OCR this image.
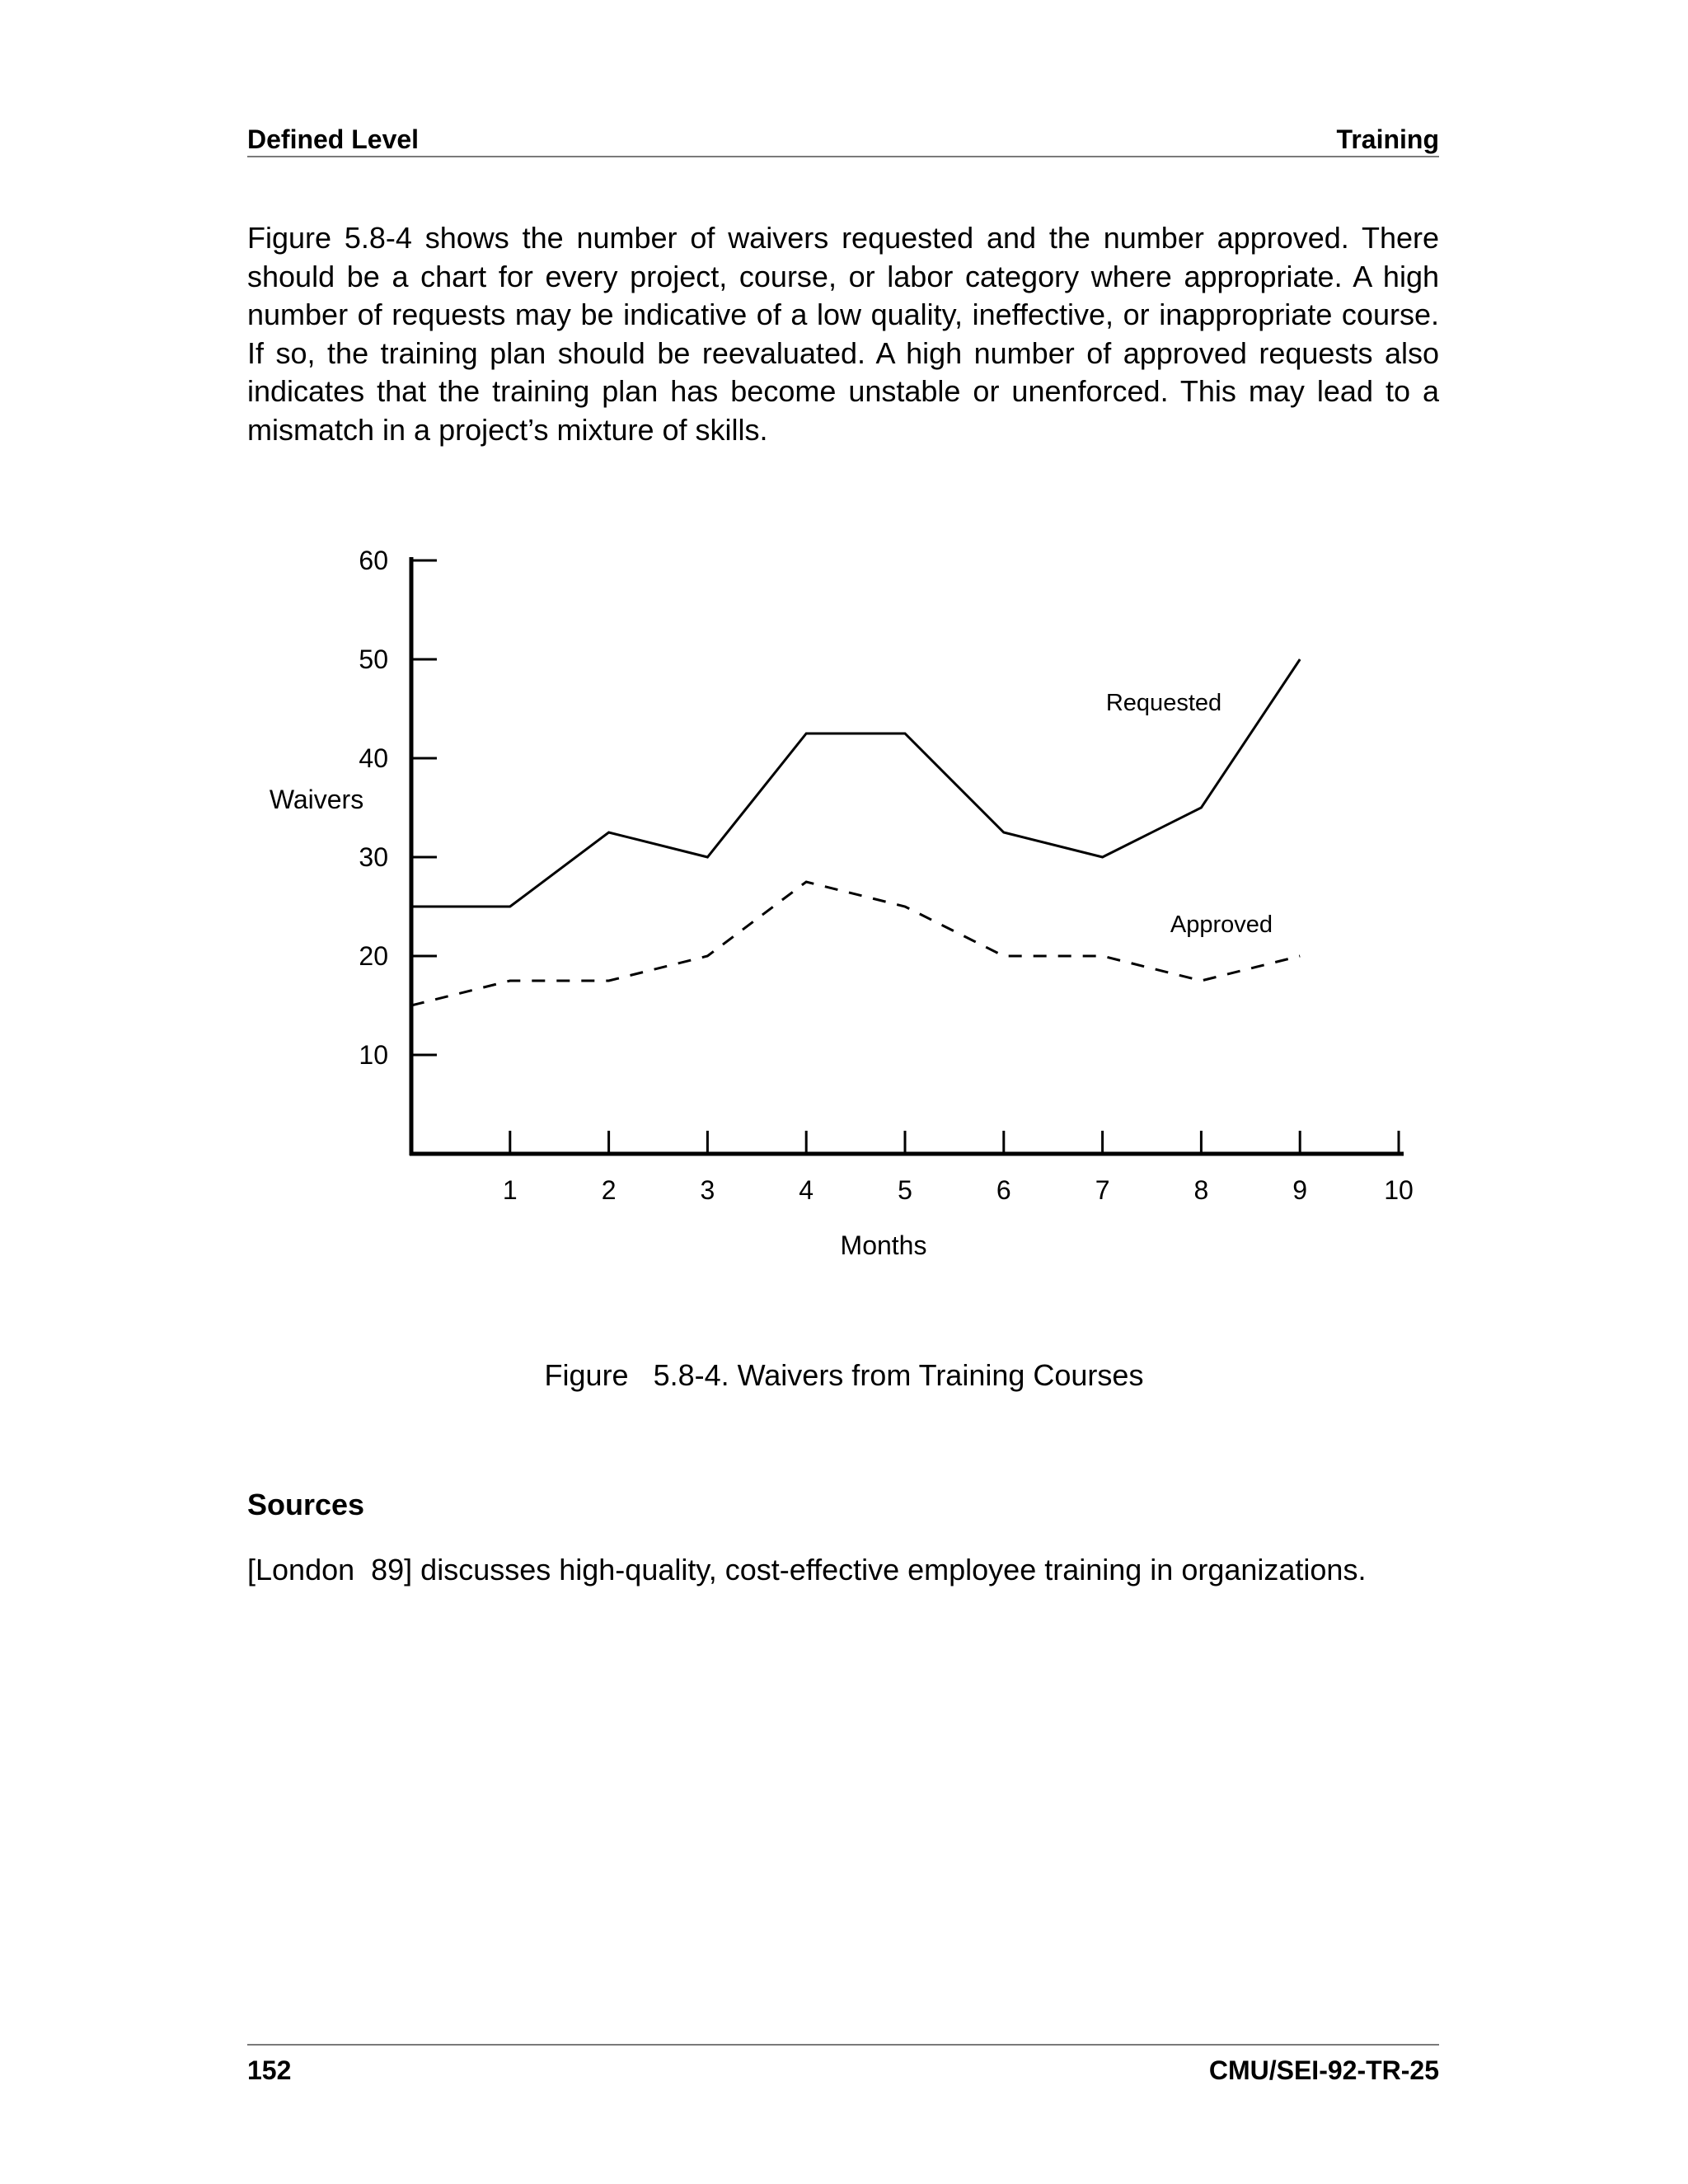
Defined Level	Training

Figure 5.8-4 shows the number of waivers requested and the number approved. There should be a chart for every project, course, or labor category where appropriate. A high number of requests may be indicative of a low quality, ineffective, or inappropriate course. If so, the training plan should be reevaluated. A high number of approved requests also indicates that the training plan has become unstable or unenforced. This may lead to a mismatch in a project’s mixture of skills.

10
20
30
40
50
60
1	2	3	4	5	6	7	8	9	10
Waivers
Months
Requested
Approved
Figure   5.8-4. Waivers from Training Courses
Sources
[London  89] discusses high-quality, cost-effective employee training in organizations.
152	CMU/SEI-92-TR-25
